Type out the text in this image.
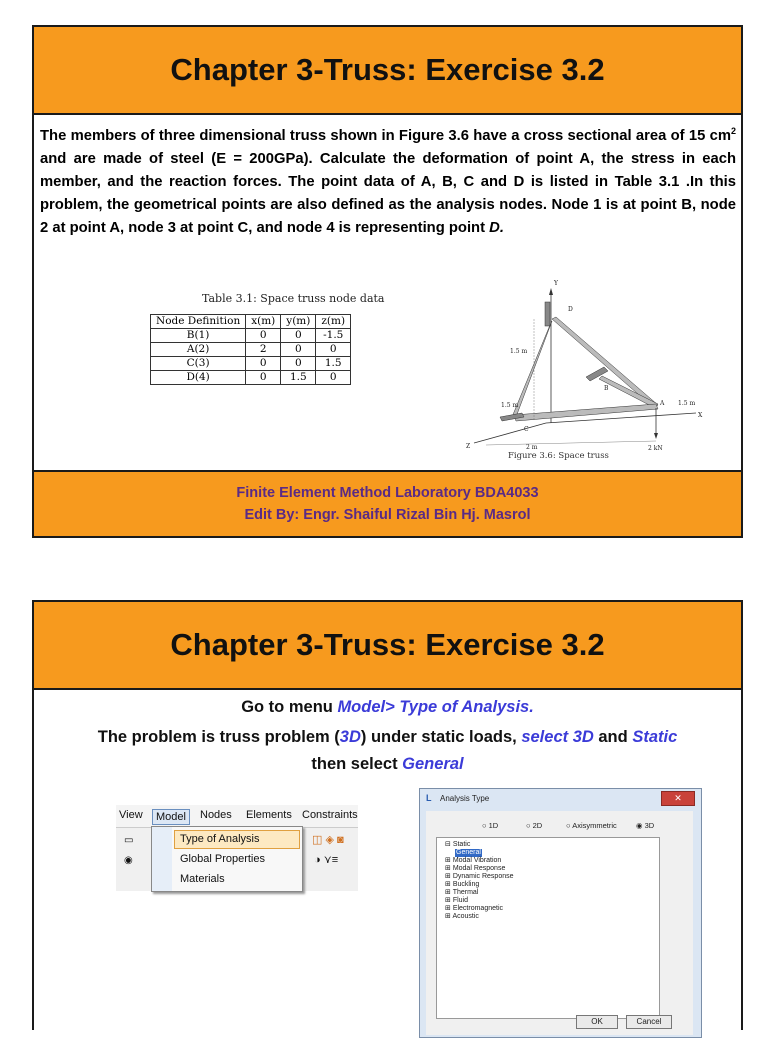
Chapter 3-Truss: Exercise 3.2
The members of three dimensional truss shown in Figure 3.6 have a cross sectional area of 15 $cm^2$ and are made of steel (E = 200GPa). Calculate the deformation of point A, the stress in each member, and the reaction forces. The point data of A, B, C and D is listed in Table 3.1 .In this problem, the geometrical points are also defined as the analysis nodes. Node 1 is at point B, node 2 at point A, node 3 at point C, and node 4 is representing point D.
Table 3.1: Space truss node data
Node Definition	x(m)	y(m)	z(m)
B(1)	0	0	-1.5
A(2)	2	0	0
C(3)	0	0	1.5
D(4)	0	1.5	0
Y
X
Z
D
B
C
A
2 kN
1.5 m
1.5 m	1.5 m
2 m
Figure 3.6: Space truss
Finite Element Method Laboratory BDA4033
Edit By: Engr. Shaiful Rizal Bin Hj. Masrol
Chapter 3-Truss: Exercise 3.2
Go to menu Model> Type of Analysis.
The problem is truss problem (3D) under static loads, select 3D and Static
then select General
View	Model	Nodes Elements Constraints
▭
◉
◫ ◈ ◙
◑ ⋎≡
Type of Analysis
Global Properties
Materials
L Analysis Type	✕
○ 1D	○ 2D	○ Axisymmetric	◉ 3D
⊟ Static
General
⊞ Modal Vibration
⊞ Modal Response
⊞ Dynamic Response
⊞ Buckling
⊞ Thermal
⊞ Fluid
⊞ Electromagnetic
⊞ Acoustic
OK	Cancel
